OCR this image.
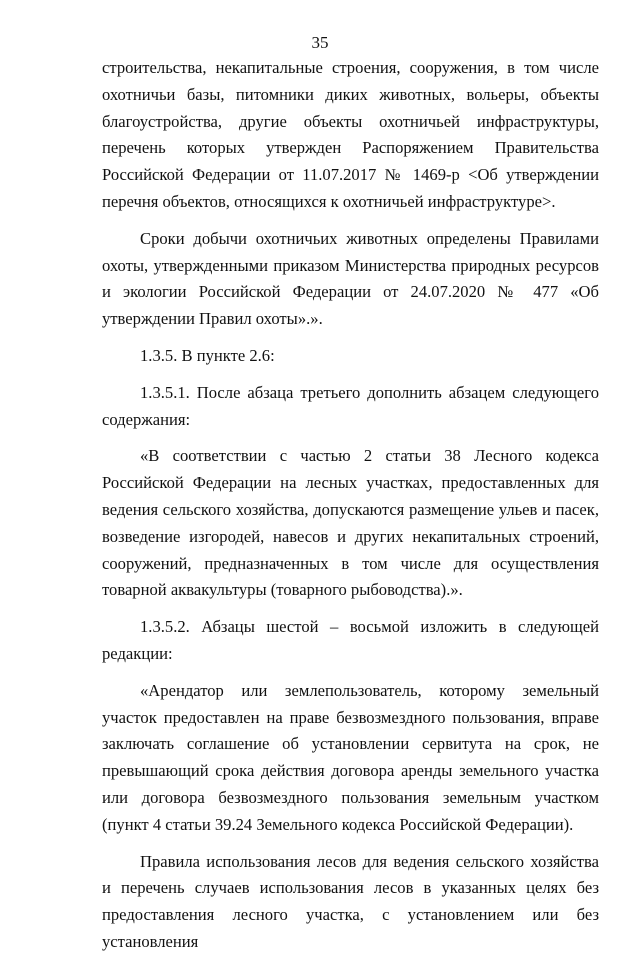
35

строительства, некапитальные строения, сооружения, в том числе охотничьи базы, питомники диких животных, вольеры, объекты благоустройства, другие объекты охотничьей инфраструктуры, перечень которых утвержден Распоряжением Правительства Российской Федерации от 11.07.2017 № 1469-р <Об утверждении перечня объектов, относящихся к охотничьей инфраструктуре>.

Сроки добычи охотничьих животных определены Правилами охоты, утвержденными приказом Министерства природных ресурсов и экологии Российской Федерации от 24.07.2020 № 477 «Об утверждении Правил охоты».».

1.3.5. В пункте 2.6:

1.3.5.1. После абзаца третьего дополнить абзацем следующего содержания:

«В соответствии с частью 2 статьи 38 Лесного кодекса Российской Федерации на лесных участках, предоставленных для ведения сельского хозяйства, допускаются размещение ульев и пасек, возведение изгородей, навесов и других некапитальных строений, сооружений, предназначенных в том числе для осуществления товарной аквакультуры (товарного рыбоводства).».

1.3.5.2. Абзацы шестой – восьмой изложить в следующей редакции:

«Арендатор или землепользователь, которому земельный участок предоставлен на праве безвозмездного пользования, вправе заключать соглашение об установлении сервитута на срок, не превышающий срока действия договора аренды земельного участка или договора безвозмездного пользования земельным участком (пункт 4 статьи 39.24 Земельного кодекса Российской Федерации).

Правила использования лесов для ведения сельского хозяйства и перечень случаев использования лесов в указанных целях без предоставления лесного участка, с установлением или без установления
